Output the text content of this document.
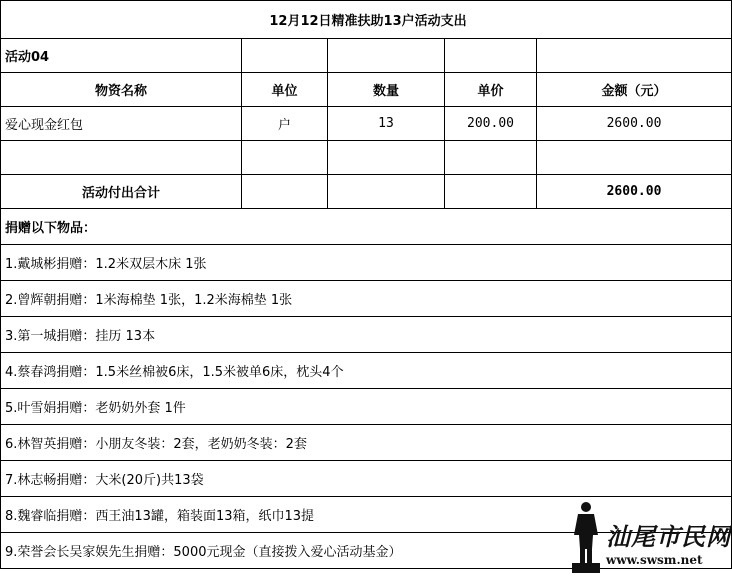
12月12日精准扶助13户活动支出				
活动04				
物资名称	单位	数量	单价	金额（元）
爱心现金红包	户	13	200.00	2600.00

活动付出合计				2600.00
捐赠以下物品：				
1.戴城彬捐赠：1.2米双层木床 1张				
2.曾辉朝捐赠：1米海棉垫 1张，1.2米海棉垫 1张				
3.第一城捐赠：挂历 13本				
4.蔡春鸿捐赠：1.5米丝棉被6床，1.5米被单6床，枕头4个				
5.叶雪娟捐赠：老奶奶外套 1件				
6.林智英捐赠：小朋友冬装：2套，老奶奶冬装：2套				
7.林志畅捐赠：大米(20斤)共13袋				
8.魏睿临捐赠：西王油13罐，箱装面13箱，纸巾13提				
9.荣誉会长吴家娱先生捐赠：5000元现金（直接拨入爱心活动基金）				
汕尾市民网
www.swsm.net
